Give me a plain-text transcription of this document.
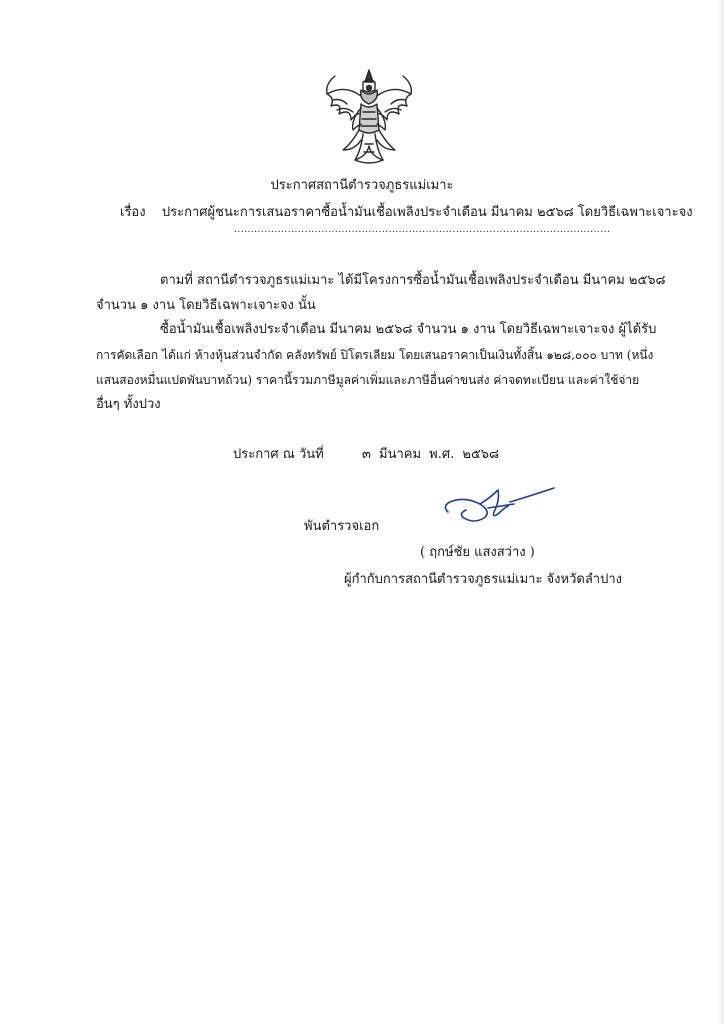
ประกาศสถานีตำรวจภูธรแม่เมาะ
เรื่อง ประกาศผู้ชนะการเสนอราคาซื้อน้ำมันเชื้อเพลิงประจำเดือน มีนาคม ๒๕๖๘ โดยวิธีเฉพาะเจาะจง
................................................................................................................
ตามที่ สถานีตำรวจภูธรแม่เมาะ ได้มีโครงการซื้อน้ำมันเชื้อเพลิงประจำเดือน มีนาคม ๒๕๖๘
จำนวน ๑ งาน โดยวิธีเฉพาะเจาะจง นั้น
ซื้อน้ำมันเชื้อเพลิงประจำเดือน มีนาคม ๒๕๖๘ จำนวน ๑ งาน โดยวิธีเฉพาะเจาะจง ผู้ได้รับ
การคัดเลือก ได้แก่ ห้างหุ้นส่วนจำกัด คลังทรัพย์ ปิโตรเลียม โดยเสนอราคาเป็นเงินทั้งสิ้น ๑๒๘,๐๐๐ บาท (หนึ่ง
แสนสองหมื่นแปดพันบาทถ้วน) ราคานี้รวมภาษีมูลค่าเพิ่มและภาษีอื่นค่าขนส่ง ค่าจดทะเบียน และค่าใช้จ่าย
อื่นๆ ทั้งปวง
ประกาศ ณ วันที่	๓ มีนาคม พ.ศ. ๒๕๖๘
พันตำรวจเอก
( ฤกษ์ชัย แสงสว่าง )
ผู้กำกับการสถานีตำรวจภูธรแม่เมาะ จังหวัดลำปาง
